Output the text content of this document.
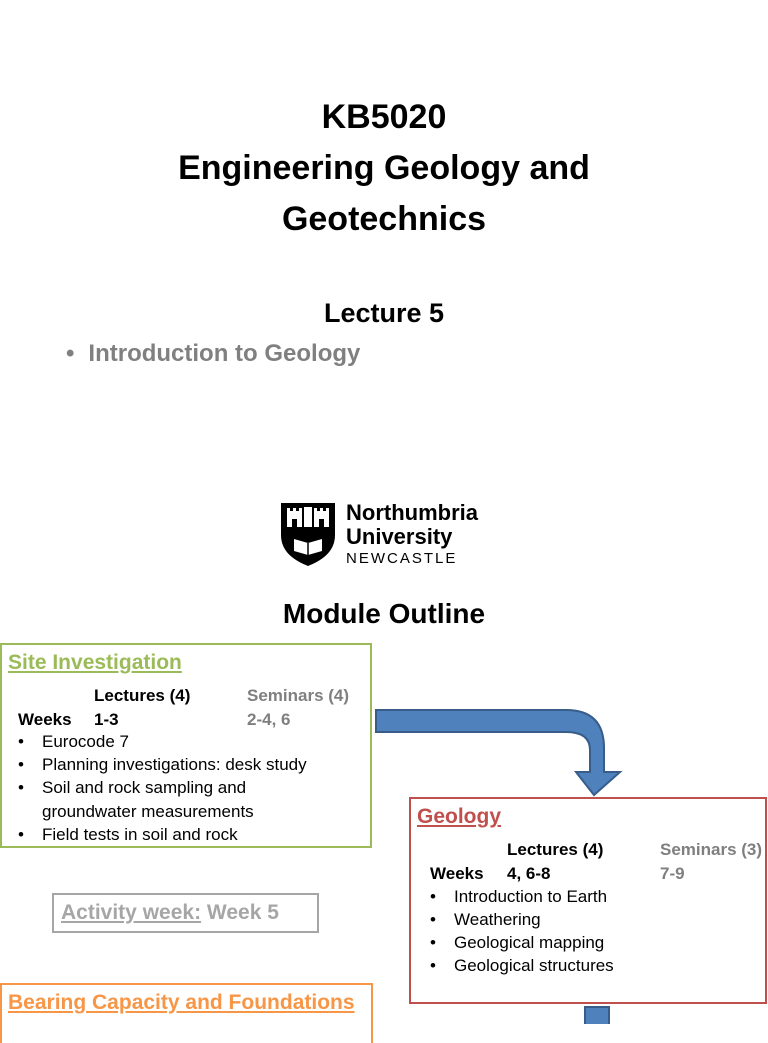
KB5020
Engineering Geology and
Geotechnics
Lecture 5
• Introduction to Geology
Northumbria
University
NEWCASTLE
Module Outline
Site Investigation
Lectures (4)	Seminars (4)
Weeks 1-3	2-4, 6
• Eurocode 7
• Planning investigations: desk study
• Soil and rock sampling and
groundwater measurements
• Field tests in soil and rock
Geology
Lectures (4)	Seminars (3)
Weeks 4, 6-8	7-9
• Introduction to Earth
• Weathering
• Geological mapping
• Geological structures
Activity week: Week 5
Bearing Capacity and Foundations
